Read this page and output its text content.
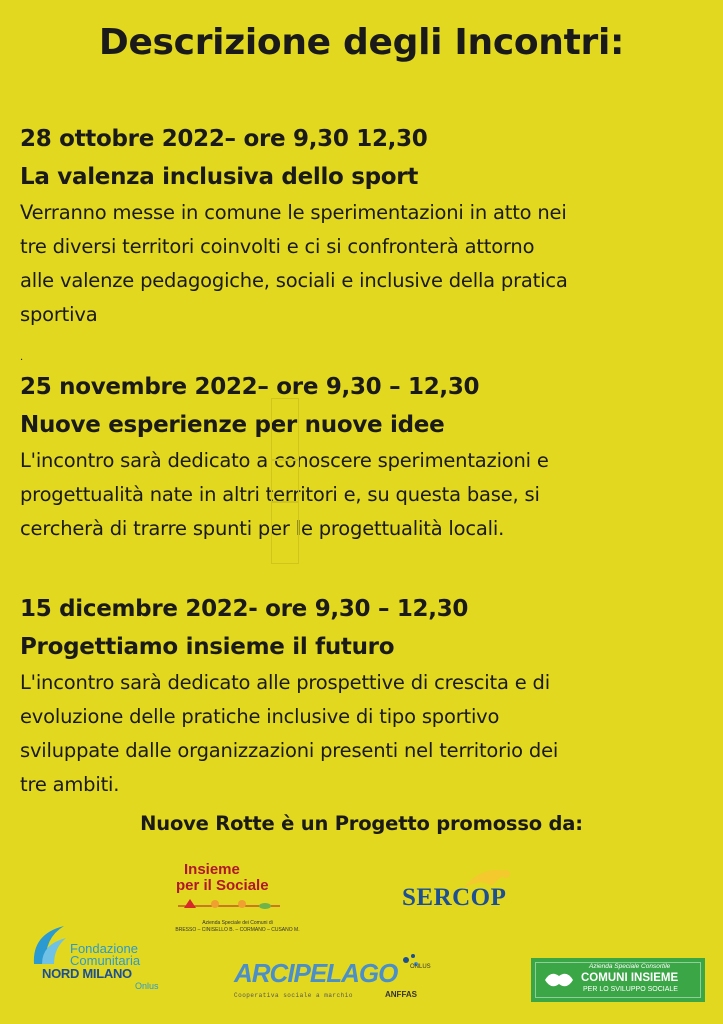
Descrizione degli Incontri:
28 ottobre 2022– ore 9,30 12,30
La valenza inclusiva dello sport
Verranno messe in comune le sperimentazioni in atto nei
tre diversi territori coinvolti e ci si confronterà attorno
alle valenze pedagogiche, sociali e inclusive della pratica
sportiva
.
25 novembre 2022– ore 9,30 – 12,30
Nuove esperienze per nuove idee
L'incontro sarà dedicato a conoscere sperimentazioni e
progettualità nate in altri territori e, su questa base, si
cercherà di trarre spunti per le progettualità locali.
15 dicembre 2022- ore 9,30 – 12,30
Progettiamo insieme il futuro
L'incontro sarà dedicato alle prospettive di crescita e di
evoluzione delle pratiche inclusive di tipo sportivo
sviluppate dalle organizzazioni presenti nel territorio dei
tre ambiti.
Nuove Rotte è un Progetto promosso da:
Insieme
per il Sociale
Azienda Speciale dei Comuni di
BRESSO – CINISELLO B. – CORMANO – CUSANO M.
SERCOP
Fondazione
Comunitaria
NORD MILANO
Onlus	ARCIPELAGO ONLUS
Cooperativa sociale a marchio	ANFFAS
Azienda Speciale Consortile
COMUNI INSIEME
PER LO SVILUPPO SOCIALE
